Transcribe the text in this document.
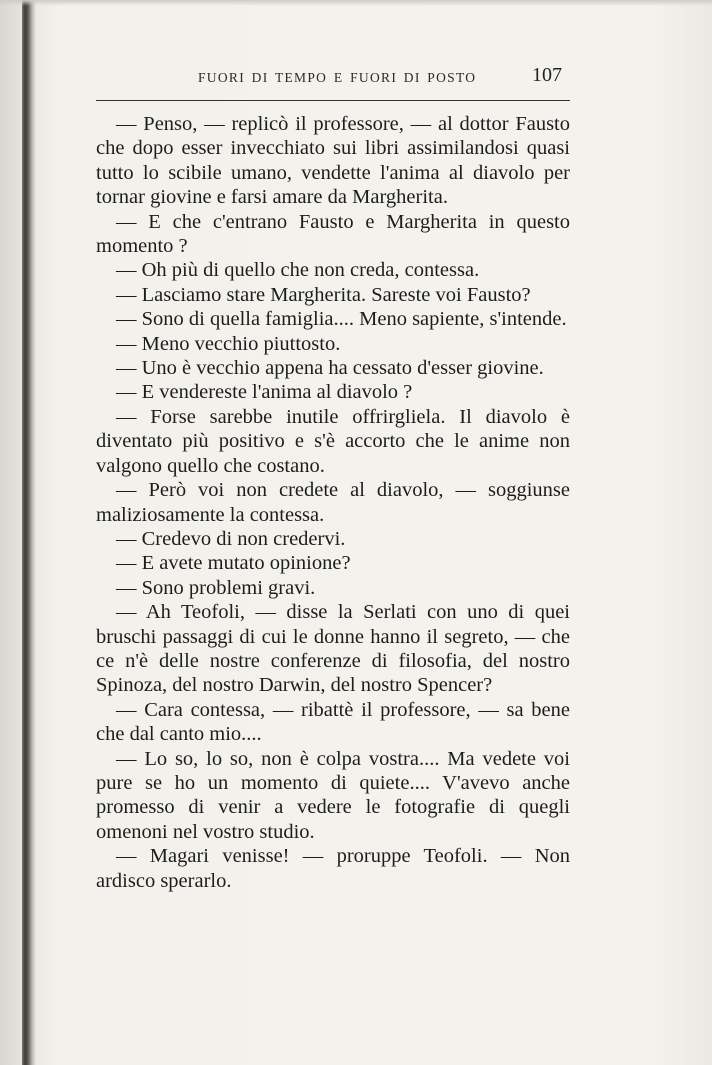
FUORI DI TEMPO E FUORI DI POSTO	107

— Penso, — replicò il professore, — al dottor Fausto che dopo esser invecchiato sui libri assimilandosi quasi tutto lo scibile umano, vendette l'anima al diavolo per tornar giovine e farsi amare da Margherita.

— E che c'entrano Fausto e Margherita in questo momento ?

— Oh più di quello che non creda, contessa.

— Lasciamo stare Margherita. Sareste voi Fausto?

— Sono di quella famiglia.... Meno sapiente, s'intende.

— Meno vecchio piuttosto.

— Uno è vecchio appena ha cessato d'esser giovine.

— E vendereste l'anima al diavolo ?

— Forse sarebbe inutile offrirgliela. Il diavolo è diventato più positivo e s'è accorto che le anime non valgono quello che costano.

— Però voi non credete al diavolo, — soggiunse maliziosamente la contessa.

— Credevo di non credervi.

— E avete mutato opinione?

— Sono problemi gravi.

— Ah Teofoli, — disse la Serlati con uno di quei bruschi passaggi di cui le donne hanno il segreto, — che ce n'è delle nostre conferenze di filosofia, del nostro Spinoza, del nostro Darwin, del nostro Spencer?

— Cara contessa, — ribattè il professore, — sa bene che dal canto mio....

— Lo so, lo so, non è colpa vostra.... Ma vedete voi pure se ho un momento di quiete.... V'avevo anche promesso di venir a vedere le fotografie di quegli omenoni nel vostro studio.

— Magari venisse! — proruppe Teofoli. — Non ardisco sperarlo.
